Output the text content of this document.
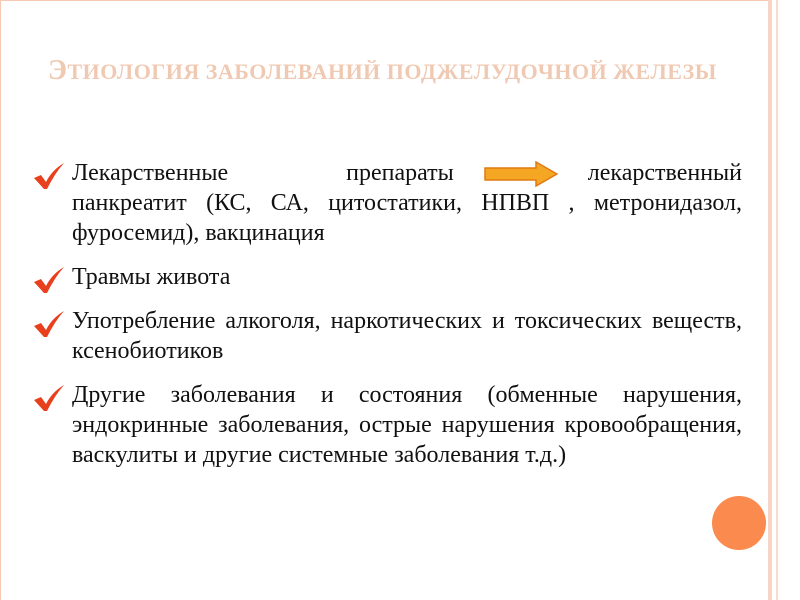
ЭТИОЛОГИЯ ЗАБОЛЕВАНИЙ ПОДЖЕЛУДОЧНОЙ ЖЕЛЕЗЫ
Лекарственные препараты	лекарственный панкреатит (КС, СА, цитостатики, НПВП , метронидазол, фуросемид), вакцинация
Травмы живота
Употребление алкоголя, наркотических и токсических веществ, ксенобиотиков
Другие заболевания и состояния (обменные нарушения, эндокринные заболевания, острые нарушения кровообращения, васкулиты и другие системные заболевания т.д.)
